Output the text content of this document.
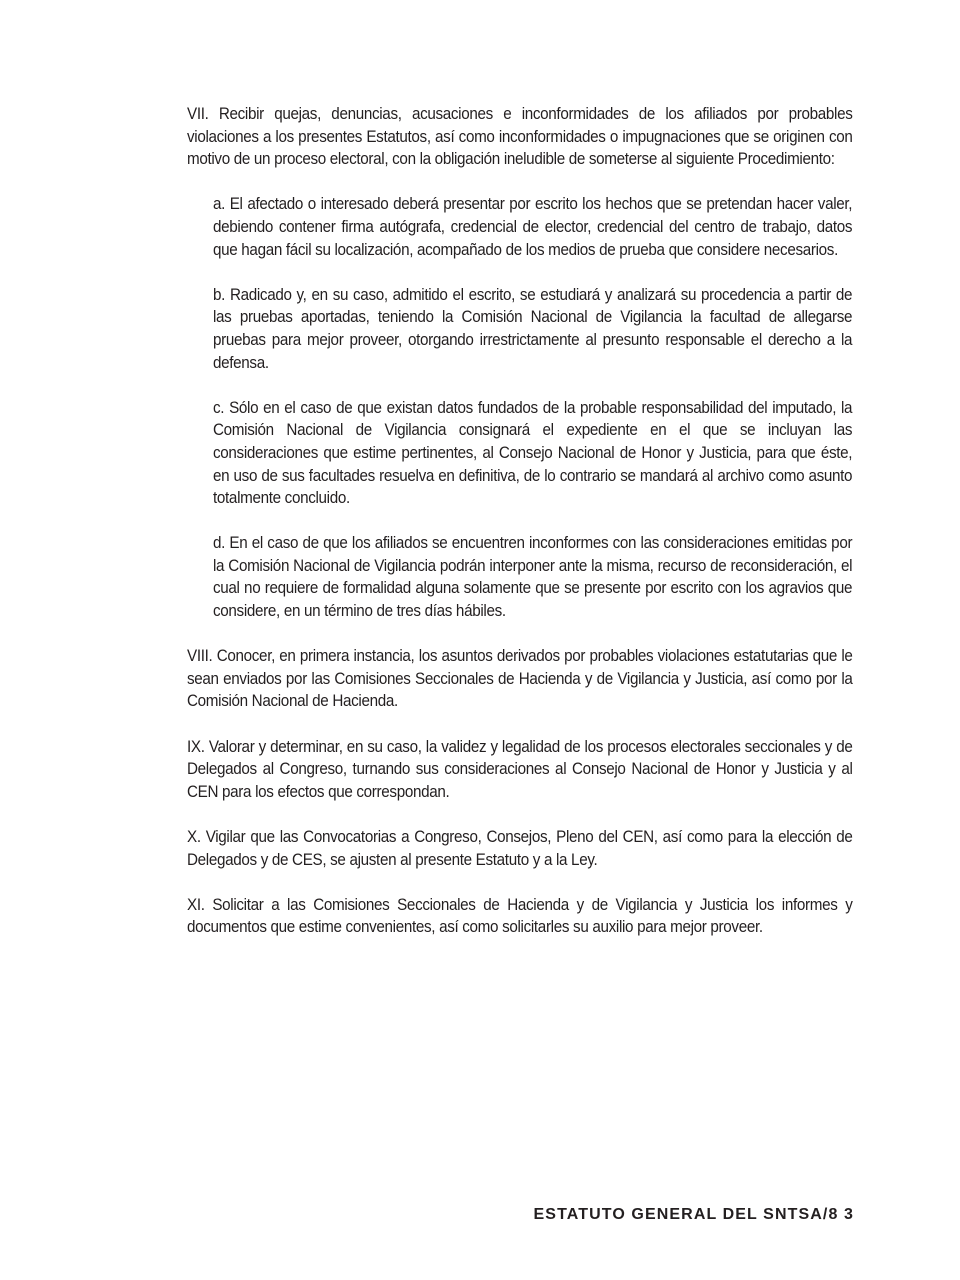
VII. Recibir quejas, denuncias, acusaciones e inconformidades de los afiliados por probables violaciones a los presentes Estatutos, así como inconformidades o impugnaciones que se originen con motivo de un proceso electoral, con la obligación ineludible de someterse al siguiente Procedimiento:

a. El afectado o interesado deberá presentar por escrito los hechos que se pretendan hacer valer, debiendo contener firma autógrafa, credencial de elector, credencial del centro de trabajo, datos que hagan fácil su localización, acompañado de los medios de prueba que considere necesarios.

b. Radicado y, en su caso, admitido el escrito, se estudiará y analizará su procedencia a partir de las pruebas aportadas, teniendo la Comisión Nacional de Vigilancia la facultad de allegarse pruebas para mejor proveer, otorgando irrestrictamente al presunto responsable el derecho a la defensa.

c. Sólo en el caso de que existan datos fundados de la probable responsabilidad del imputado, la Comisión Nacional de Vigilancia consignará el expediente en el que se incluyan las consideraciones que estime pertinentes, al Consejo Nacional de Honor y Justicia, para que éste, en uso de sus facultades resuelva en definitiva, de lo contrario se mandará al archivo como asunto totalmente concluido.

d. En el caso de que los afiliados se encuentren inconformes con las consideraciones emitidas por la Comisión Nacional de Vigilancia podrán interponer ante la misma, recurso de reconsideración, el cual no requiere de formalidad alguna solamente que se presente por escrito con los agravios que considere, en un término de tres días hábiles.

VIII. Conocer, en primera instancia, los asuntos derivados por probables violaciones estatutarias que le sean enviados por las Comisiones Seccionales de Hacienda y de Vigilancia y Justicia, así como por la Comisión Nacional de Hacienda.

IX. Valorar y determinar, en su caso, la validez y legalidad de los procesos electorales seccionales y de Delegados al Congreso, turnando sus consideraciones al Consejo Nacional de Honor y Justicia y al CEN para los efectos que correspondan.

X. Vigilar que las Convocatorias a Congreso, Consejos, Pleno del CEN, así como para la elección de Delegados y de CES, se ajusten al presente Estatuto y a la Ley.

XI. Solicitar a las Comisiones Seccionales de Hacienda y de Vigilancia y Justicia los informes y documentos que estime convenientes, así como solicitarles su auxilio para mejor proveer.

ESTATUTO GENERAL DEL SNTSA/8 3
